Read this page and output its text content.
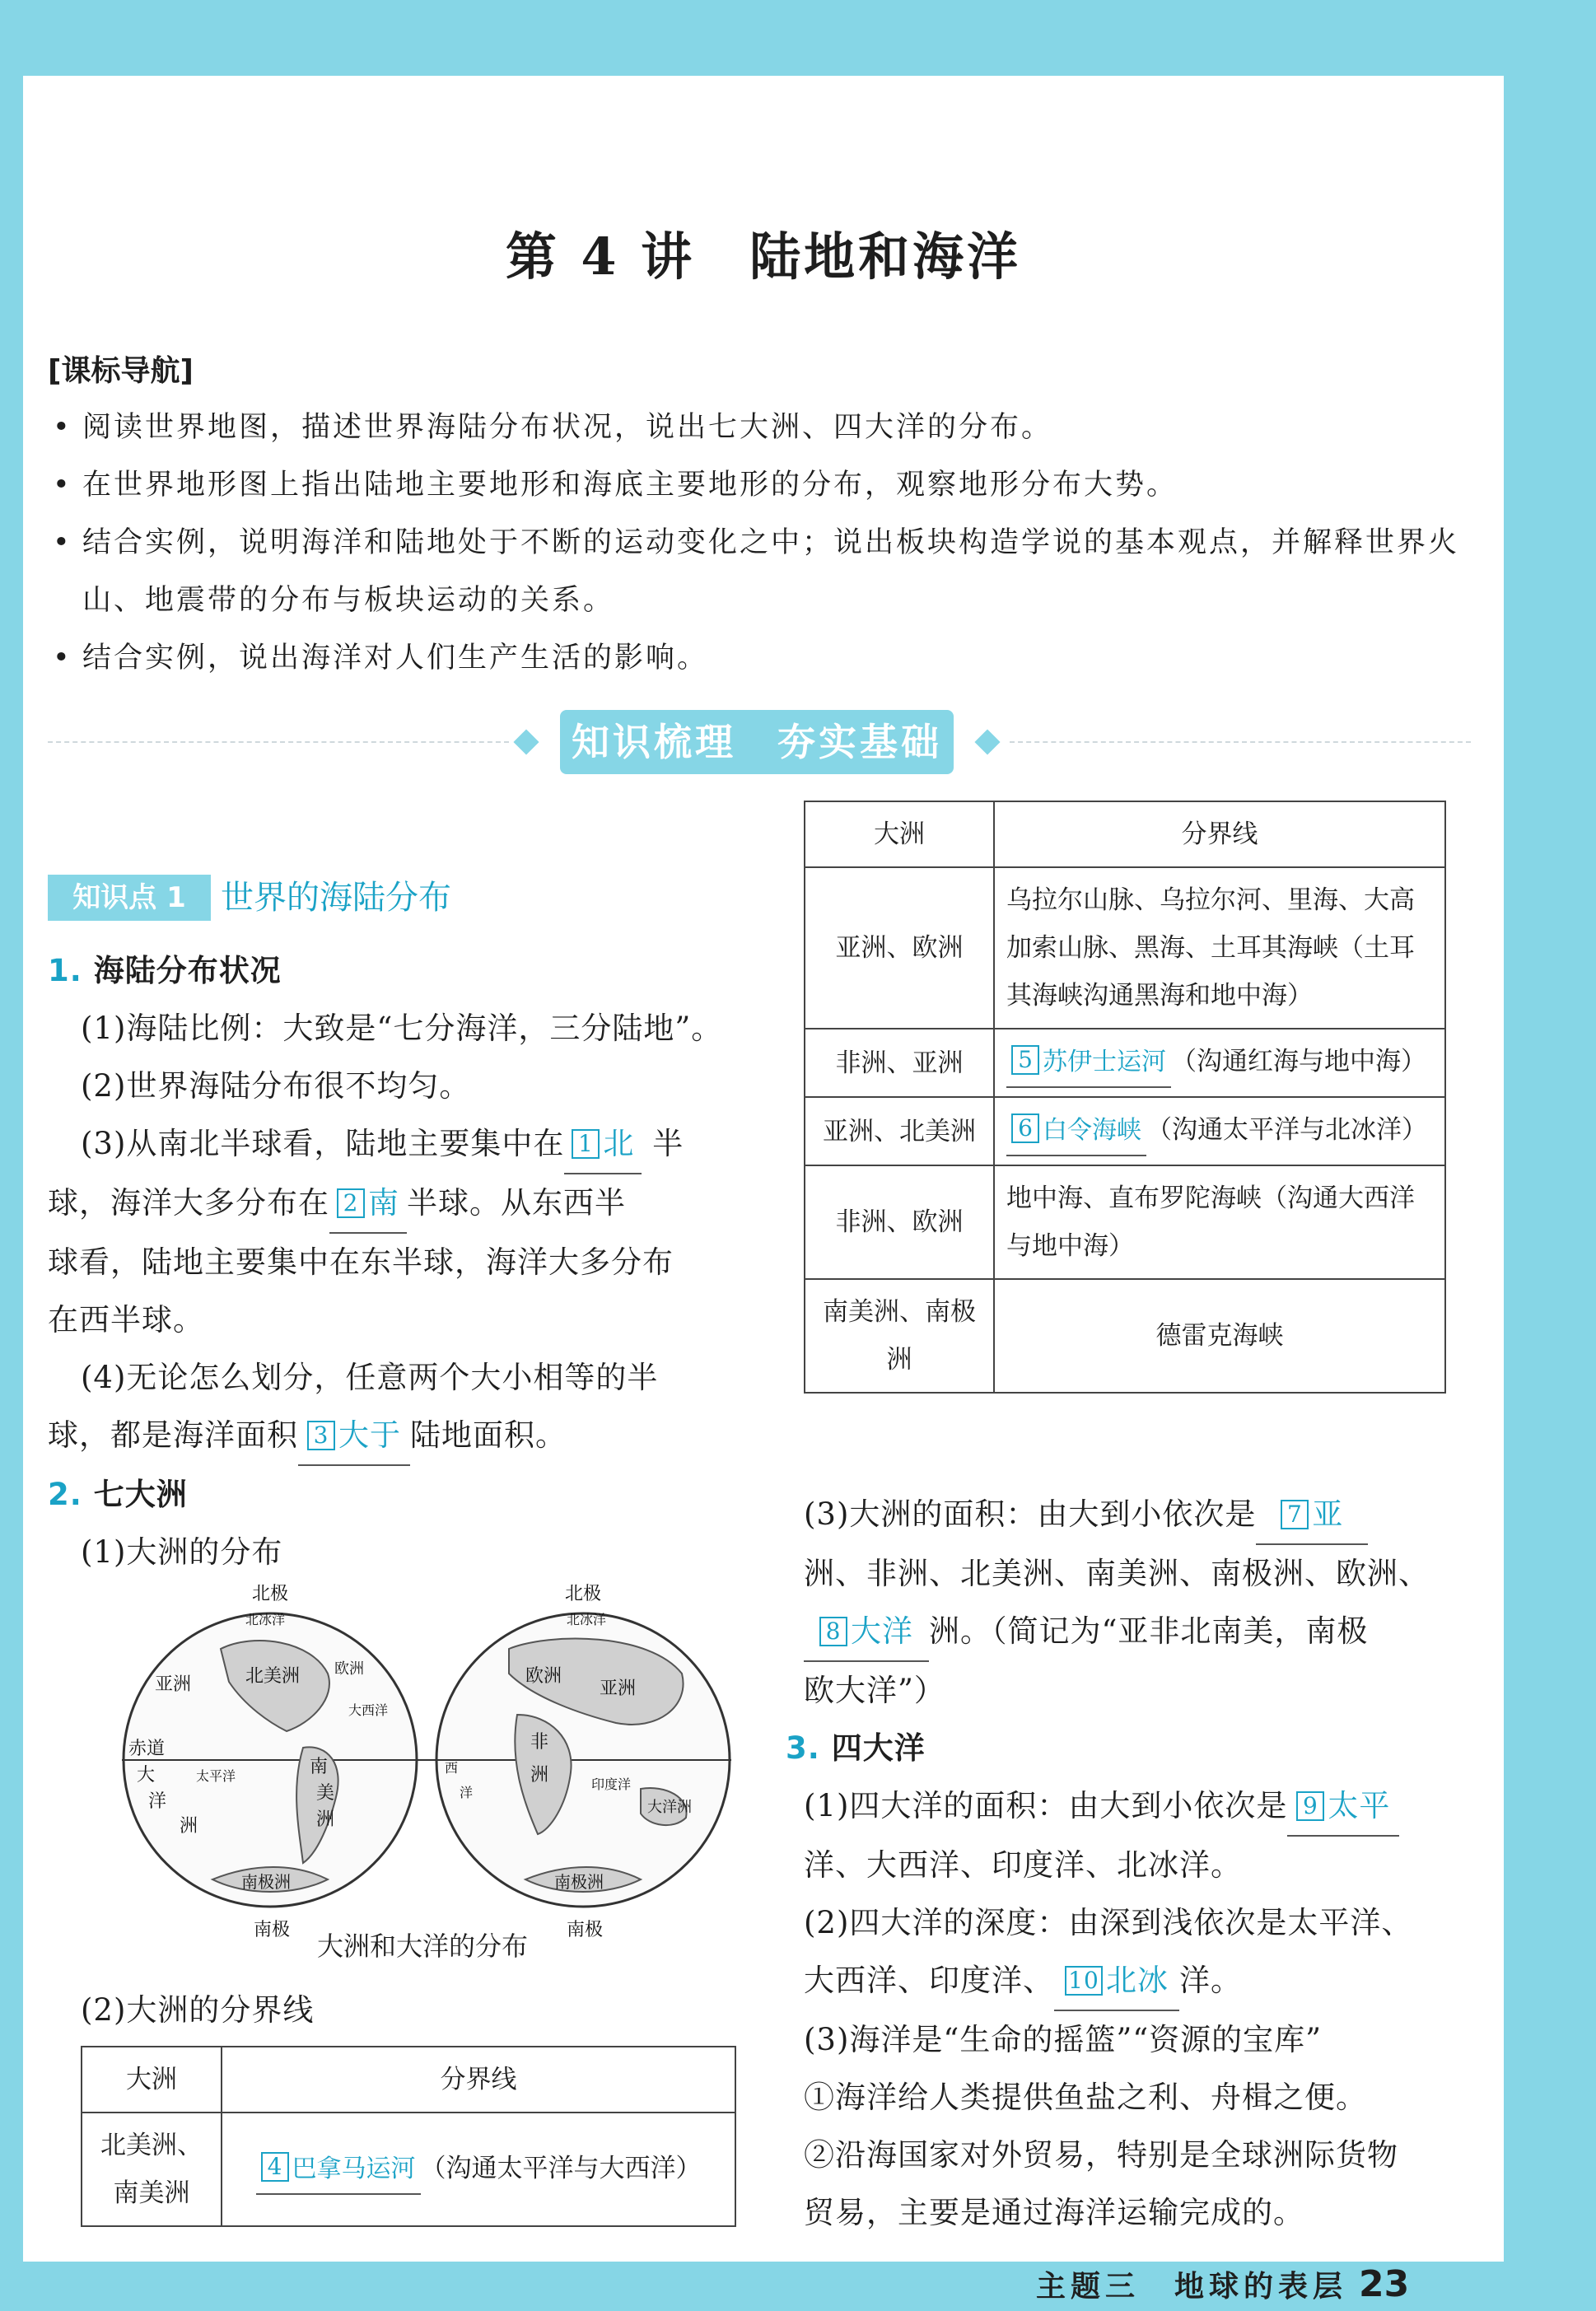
第 4 讲　陆地和海洋
[课标导航]
• 阅读世界地图，描述世界海陆分布状况，说出七大洲、四大洋的分布。
• 在世界地形图上指出陆地主要地形和海底主要地形的分布，观察地形分布大势。
• 结合实例，说明海洋和陆地处于不断的运动变化之中；说出板块构造学说的基本观点，并解释世界火山、地震带的分布与板块运动的关系。
• 结合实例，说出海洋对人们生产生活的影响。
知识梳理　夯实基础
知识点 1	世界的海陆分布
1. 海陆分布状况
(1)海陆比例：大致是“七分海洋，三分陆地”。
(2)世界海陆分布很不均匀。
(3)从南北半球看，陆地主要集中在 1 北 半
球，海洋大多分布在 2 南 半球。从东西半
球看，陆地主要集中在东半球，海洋大多分布
在西半球。
(4)无论怎么划分，任意两个大小相等的半
球，都是海洋面积 3 大于 陆地面积。
2. 七大洲
(1)大洲的分布
北极	北极
南极	南极
赤道
北美洲
南
美
洲
太平洋
大
洋
洲
南极洲
亚洲
欧洲
大西洋
北冰洋
欧洲
亚洲
非
洲
印度洋
大洋洲
南极洲
北冰洋
西
洋
大洲和大洋的分布
(2)大洲的分界线
大洲	分界线
北美洲、南美洲	4 巴拿马运河 （沟通太平洋与大西洋）
大洲	分界线
亚洲、欧洲	乌拉尔山脉、乌拉尔河、里海、大高加索山脉、黑海、土耳其海峡（土耳其海峡沟通黑海和地中海）
非洲、亚洲	5 苏伊士运河 （沟通红海与地中海）
亚洲、北美洲	6 白令海峡 （沟通太平洋与北冰洋）
非洲、欧洲	地中海、直布罗陀海峡（沟通大西洋与地中海）
南美洲、南极洲	德雷克海峡
(3)大洲的面积：由大到小依次是 7 亚
洲、非洲、北美洲、南美洲、南极洲、欧洲、
8 大洋 洲。（简记为“亚非北南美，南极
欧大洋”）
3. 四大洋
(1)四大洋的面积：由大到小依次是 9 太平
洋、大西洋、印度洋、北冰洋。
(2)四大洋的深度：由深到浅依次是太平洋、
大西洋、印度洋、 10 北冰 洋。
(3)海洋是“生命的摇篮”“资源的宝库”
①海洋给人类提供鱼盐之利、舟楫之便。
②沿海国家对外贸易，特别是全球洲际货物
贸易，主要是通过海洋运输完成的。
主题三　地球的表层 23
